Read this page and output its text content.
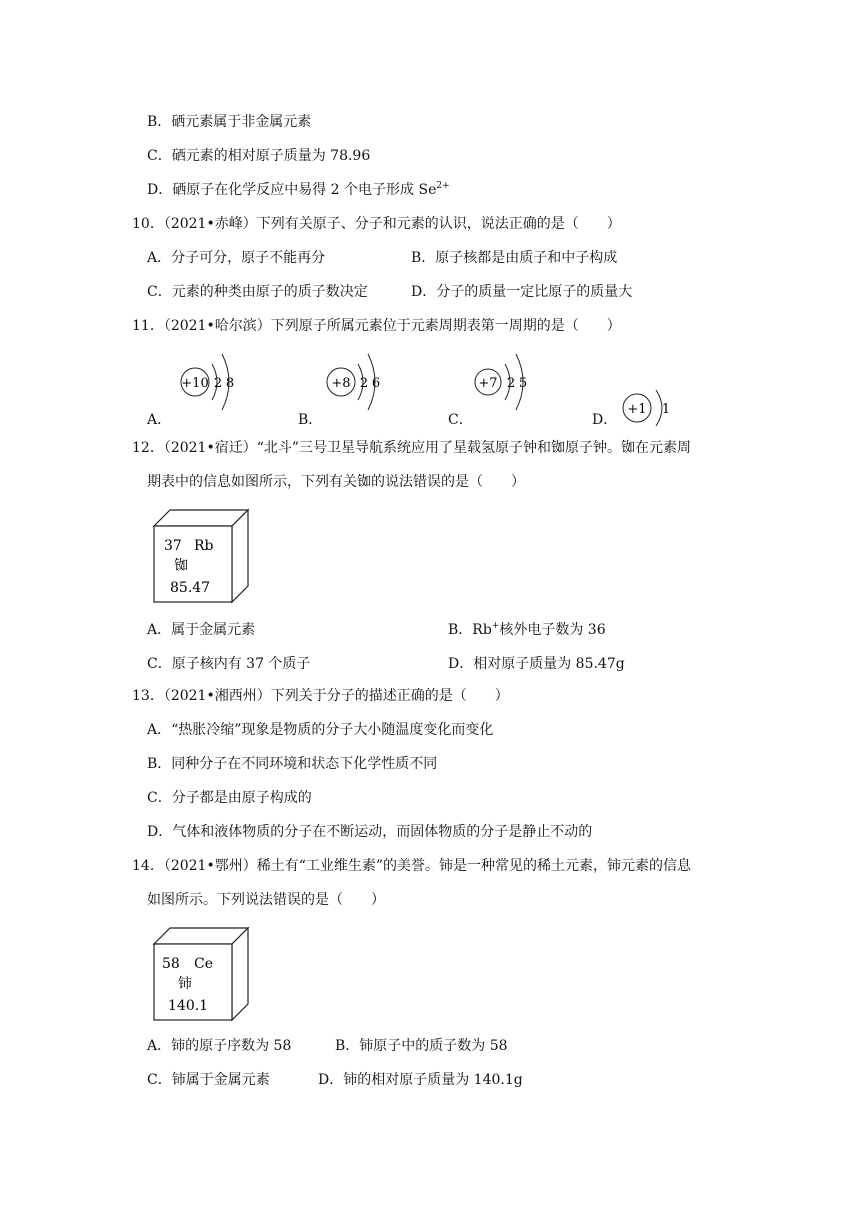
B．硒元素属于非金属元素
C．硒元素的相对原子质量为 78.96
D．硒原子在化学反应中易得 2 个电子形成 $Se^{2+}$
10．（2021•赤峰）下列有关原子、分子和元素的认识，说法正确的是（　　）
A．分子可分，原子不能再分	B．原子核都是由质子和中子构成
C．元素的种类由原子的质子数决定	D．分子的质量一定比原子的质量大
11．（2021•哈尔滨）下列原子所属元素位于元素周期表第一周期的是（　　）
A．
+10 2 8
B．
+8 2 6
C．
+7 2 5
D．
+1 1
12．（2021•宿迁）“北斗”三号卫星导航系统应用了星载氢原子钟和铷原子钟。铷在元素周
期表中的信息如图所示，下列有关铷的说法错误的是（　　）
37 Rb
铷
85.47
A．属于金属元素	B．Rb+核外电子数为 36
C．原子核内有 37 个质子	D．相对原子质量为 85.47g
13．（2021•湘西州）下列关于分子的描述正确的是（　　）
A．“热胀冷缩”现象是物质的分子大小随温度变化而变化
B．同种分子在不同环境和状态下化学性质不同
C．分子都是由原子构成的
D．气体和液体物质的分子在不断运动，而固体物质的分子是静止不动的
14．（2021•鄂州）稀土有“工业维生素”的美誉。铈是一种常见的稀土元素，铈元素的信息
如图所示。下列说法错误的是（　　）
58 Ce
铈
140.1
A．铈的原子序数为 58	B．铈原子中的质子数为 58
C．铈属于金属元素	D．铈的相对原子质量为 140.1g
